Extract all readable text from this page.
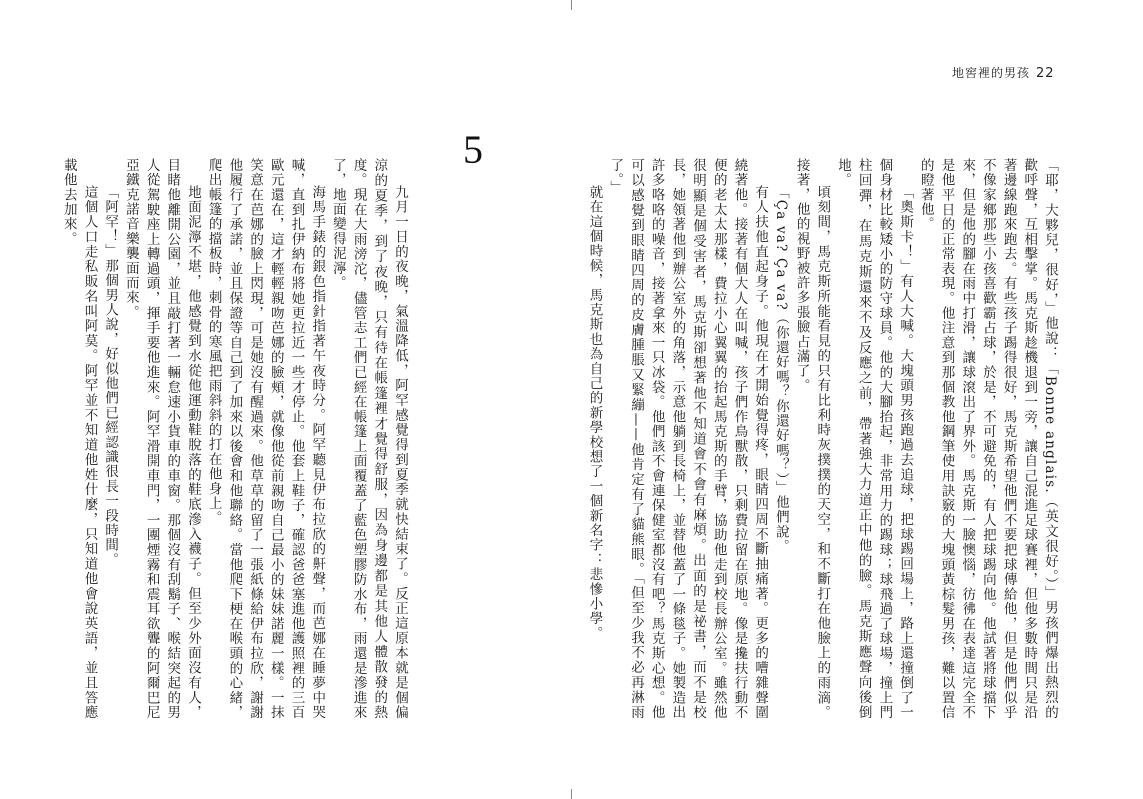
地窖裡的男孩 22
「耶，大夥兒，很好，」他說：「Bonne anglais.（英文很好。）」男孩們爆出熱烈的歡呼聲，互相擊掌。馬克斯趁機退到一旁，讓自己混進足球賽裡，但他多數時間只是沿著邊線跑來跑去。有些孩子踢得很好，馬克斯希望他們不要把球傳給他，但是他們似乎不像家鄉那些小孩喜歡霸占球，於是，不可避免的，有人把球踢向他。他試著將球擋下來，但是他的腳在雨中打滑，讓球滾出了界外。馬克斯一臉懊惱，彷彿在表達這完全不是他平日的正常表現。他注意到那個教他鋼筆使用訣竅的大塊頭黃棕髮男孩，難以置信的瞪著他。
「奧斯卡！」有人大喊。大塊頭男孩跑過去追球，把球踢回場上，路上還撞倒了一個身材比較矮小的防守球員。他的大腳抬起，非常用力的踢球；球飛過了球場，撞上門柱回彈，在馬克斯還來不及反應之前，帶著強大力道正中他的臉。馬克斯應聲向後倒地。
頃刻間，馬克斯所能看見的只有比利時灰撲撲的天空，和不斷打在他臉上的雨滴。接著，他的視野被許多張臉占滿了。
「Ça va? Ça va?（你還好嗎？你還好嗎？）」他們說。
有人扶他直起身子。他現在才開始覺得疼，眼睛四周不斷抽痛著。更多的嘈雜聲圍繞著他。接著有個大人在叫喊，孩子們作鳥獸散，只剩費拉留在原地。像是攙扶行動不便的老太太那樣，費拉小心翼翼的抬起馬克斯的手臂，協助他走到校長辦公室。雖然他很明顯是個受害者，馬克斯卻想著他不知道會不會有麻煩。出面的是祕書，而不是校長，她領著他到辦公室外的角落，示意他躺到長椅上，並替他蓋了一條毯子。她製造出許多咯咯的噪音，接著拿來一只冰袋。他們該不會連保健室都沒有吧？馬克斯心想。他可以感覺到眼睛四周的皮膚腫脹又緊繃——他肯定有了貓熊眼。「但至少我不必再淋雨了。」
就在這個時候，馬克斯也為自己的新學校想了一個新名字：悲慘小學。
5
九月一日的夜晚，氣溫降低，阿罕感覺得到夏季就快結束了。反正這原本就是個偏涼的夏季，到了夜晚，只有待在帳篷裡才覺得舒服，因為身邊都是其他人體散發的熱度。現在大雨滂沱，儘管志工們已經在帳篷上面覆蓋了藍色塑膠防水布，雨還是滲進來了，地面變得泥濘。
海馬手錶的銀色指針指著午夜時分。阿罕聽見伊布拉欣的鼾聲，而芭娜在睡夢中哭喊，直到扎伊納布將她更拉近一些才停止。他套上鞋子，確認爸爸塞進他護照裡的三百歐元還在，這才輕輕親吻芭娜的臉頰，就像他從前親吻自己最小的妹妹諾麗一樣。一抹笑意在芭娜的臉上閃現，可是她沒有醒過來。他草草的留了一張紙條給伊布拉欣，謝謝他履行了承諾，並且保證等自己到了加來以後會和他聯絡。當他爬下梗在喉頭的心緒，爬出帳篷的擋板時，刺骨的寒風把雨斜斜的打在他身上。
地面泥濘不堪，他感覺到水從他運動鞋脫落的鞋底滲入襪子。但至少外面沒有人，目睹他離開公園，並且敲打著一輛怠速小貨車的車窗。那個沒有刮鬍子、喉結突起的男人從駕駛座上轉過頭，揮手要他進來。阿罕滑開車門，一團煙霧和震耳欲聾的阿爾巴尼亞鐵克諾音樂襲面而來。
「阿罕！」那個男人說，好似他們已經認識很長一段時間。
這個人口走私販名叫阿莫。阿罕並不知道他姓什麼，只知道他會說英語，並且答應載他去加來。
